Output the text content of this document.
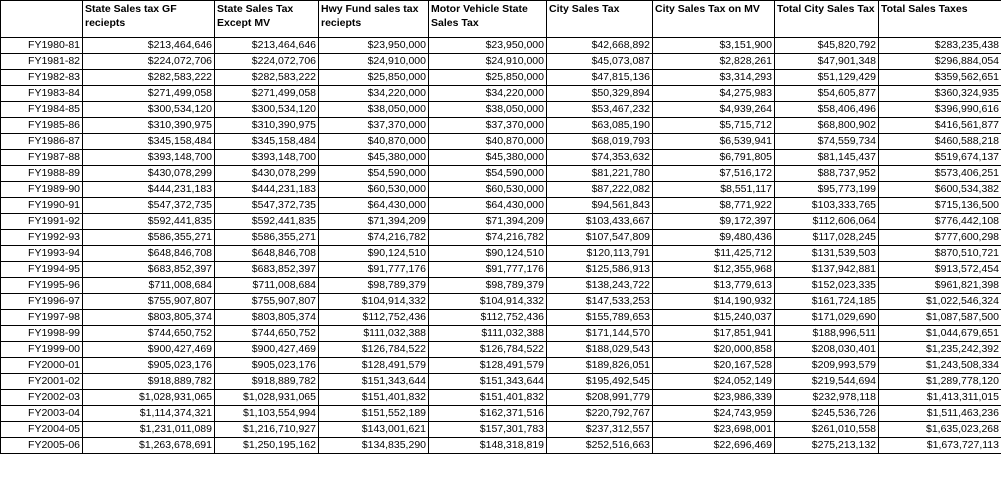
	State Sales tax GF reciepts	State Sales Tax Except MV	Hwy Fund sales tax reciepts	Motor Vehicle State Sales Tax	City Sales Tax	City Sales Tax on MV	Total City Sales Tax	Total Sales Taxes
FY1980-81	$213,464,646	$213,464,646	$23,950,000	$23,950,000	$42,668,892	$3,151,900	$45,820,792	$283,235,438
FY1981-82	$224,072,706	$224,072,706	$24,910,000	$24,910,000	$45,073,087	$2,828,261	$47,901,348	$296,884,054
FY1982-83	$282,583,222	$282,583,222	$25,850,000	$25,850,000	$47,815,136	$3,314,293	$51,129,429	$359,562,651
FY1983-84	$271,499,058	$271,499,058	$34,220,000	$34,220,000	$50,329,894	$4,275,983	$54,605,877	$360,324,935
FY1984-85	$300,534,120	$300,534,120	$38,050,000	$38,050,000	$53,467,232	$4,939,264	$58,406,496	$396,990,616
FY1985-86	$310,390,975	$310,390,975	$37,370,000	$37,370,000	$63,085,190	$5,715,712	$68,800,902	$416,561,877
FY1986-87	$345,158,484	$345,158,484	$40,870,000	$40,870,000	$68,019,793	$6,539,941	$74,559,734	$460,588,218
FY1987-88	$393,148,700	$393,148,700	$45,380,000	$45,380,000	$74,353,632	$6,791,805	$81,145,437	$519,674,137
FY1988-89	$430,078,299	$430,078,299	$54,590,000	$54,590,000	$81,221,780	$7,516,172	$88,737,952	$573,406,251
FY1989-90	$444,231,183	$444,231,183	$60,530,000	$60,530,000	$87,222,082	$8,551,117	$95,773,199	$600,534,382
FY1990-91	$547,372,735	$547,372,735	$64,430,000	$64,430,000	$94,561,843	$8,771,922	$103,333,765	$715,136,500
FY1991-92	$592,441,835	$592,441,835	$71,394,209	$71,394,209	$103,433,667	$9,172,397	$112,606,064	$776,442,108
FY1992-93	$586,355,271	$586,355,271	$74,216,782	$74,216,782	$107,547,809	$9,480,436	$117,028,245	$777,600,298
FY1993-94	$648,846,708	$648,846,708	$90,124,510	$90,124,510	$120,113,791	$11,425,712	$131,539,503	$870,510,721
FY1994-95	$683,852,397	$683,852,397	$91,777,176	$91,777,176	$125,586,913	$12,355,968	$137,942,881	$913,572,454
FY1995-96	$711,008,684	$711,008,684	$98,789,379	$98,789,379	$138,243,722	$13,779,613	$152,023,335	$961,821,398
FY1996-97	$755,907,807	$755,907,807	$104,914,332	$104,914,332	$147,533,253	$14,190,932	$161,724,185	$1,022,546,324
FY1997-98	$803,805,374	$803,805,374	$112,752,436	$112,752,436	$155,789,653	$15,240,037	$171,029,690	$1,087,587,500
FY1998-99	$744,650,752	$744,650,752	$111,032,388	$111,032,388	$171,144,570	$17,851,941	$188,996,511	$1,044,679,651
FY1999-00	$900,427,469	$900,427,469	$126,784,522	$126,784,522	$188,029,543	$20,000,858	$208,030,401	$1,235,242,392
FY2000-01	$905,023,176	$905,023,176	$128,491,579	$128,491,579	$189,826,051	$20,167,528	$209,993,579	$1,243,508,334
FY2001-02	$918,889,782	$918,889,782	$151,343,644	$151,343,644	$195,492,545	$24,052,149	$219,544,694	$1,289,778,120
FY2002-03	$1,028,931,065	$1,028,931,065	$151,401,832	$151,401,832	$208,991,779	$23,986,339	$232,978,118	$1,413,311,015
FY2003-04	$1,114,374,321	$1,103,554,994	$151,552,189	$162,371,516	$220,792,767	$24,743,959	$245,536,726	$1,511,463,236
FY2004-05	$1,231,011,089	$1,216,710,927	$143,001,621	$157,301,783	$237,312,557	$23,698,001	$261,010,558	$1,635,023,268
FY2005-06	$1,263,678,691	$1,250,195,162	$134,835,290	$148,318,819	$252,516,663	$22,696,469	$275,213,132	$1,673,727,113
